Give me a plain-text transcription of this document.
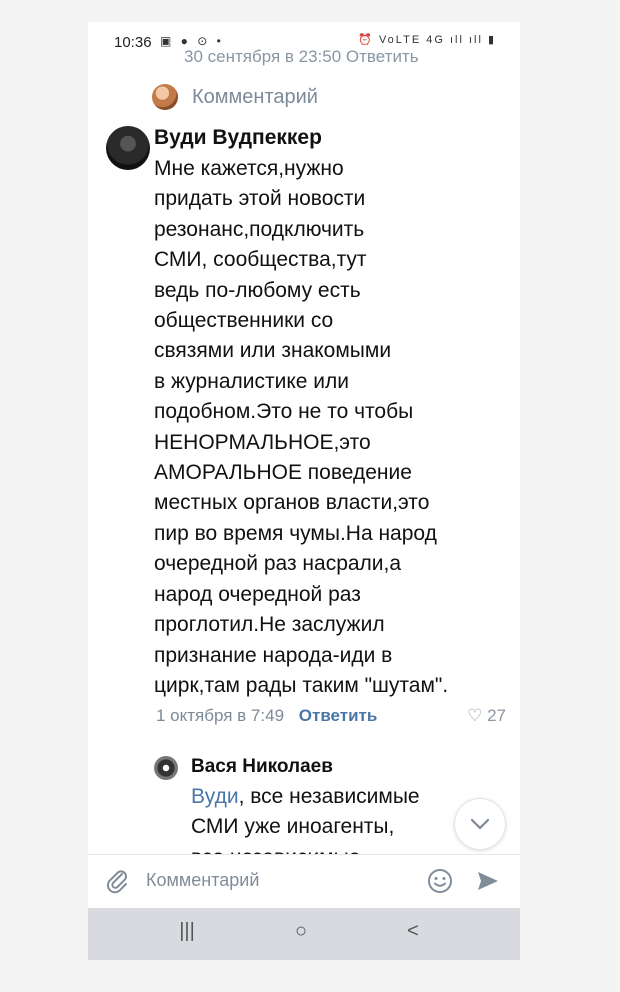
10:36 ▣ ● ⊙ •	⏰ VoLTE 4G ıll ıll ▮
30 сентября в 23:50 Ответить
Комментарий
Вуди Вудпеккер

Мне кажется,нужно

придать этой новости

резонанс,подключить

СМИ, сообщества,тут

ведь по-любому есть

общественники со

связями или знакомыми

в журналистике или

подобном.Это не то чтобы

НЕНОРМАЛЬНОЕ,это

АМОРАЛЬНОЕ поведение

местных органов власти,это

пир во время чумы.На народ

очередной раз насрали,а

народ очередной раз

проглотил.Не заслужил

признание народа-иди в

цирк,там рады таким "шутам".

1 октября в 7:49 Ответить	♡ 27
Вася Николаев

Вуди, все независимые

СМИ уже иноагенты,

Комментарий
|||	○	<
